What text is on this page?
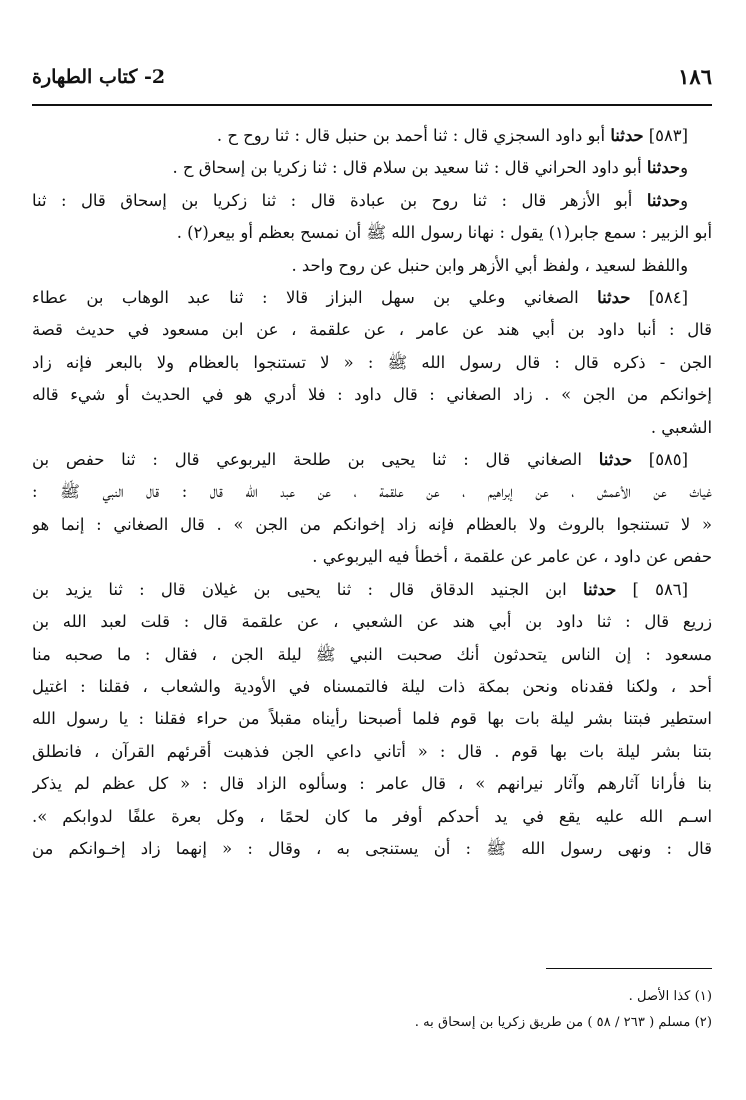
١٨٦
2- كتاب الطهارة

[٥٨٣] حدثنا أبو داود السجزي قال : ثنا أحمد بن حنبل قال : ثنا روح ح .

وحدثنا أبو داود الحراني قال : ثنا سعيد بن سلام قال : ثنا زكريا بن إسحاق ح .

وحدثنا أبو الأزهر قال : ثنا روح بن عبادة قال : ثنا زكريا بن إسحاق قال : ثنا

أبو الزبير : سمع جابر(١) يقول : نهانا رسول الله ﷺ أن نمسح بعظم أو بيعر(٢) .

واللفظ لسعيد ، ولفظ أبي الأزهر وابن حنبل عن روح واحد .

[٥٨٤] حدثنا الصغاني وعلي بن سهل البزاز قالا : ثنا عبد الوهاب بن عطاء

قال : أنبا داود بن أبي هند عن عامر ، عن علقمة ، عن ابن مسعود في حديث قصة

الجن - ذكره قال : قال رسول الله ﷺ : « لا تستنجوا بالعظام ولا بالبعر فإنه زاد

إخوانكم من الجن » . زاد الصغاني : قال داود : فلا أدري هو في الحديث أو شيء قاله

الشعبي .

[٥٨٥] حدثنا الصغاني قال : ثنا يحيى بن طلحة اليربوعي قال : ثنا حفص بن

غياث عن الأعمش ، عن إبراهيم ، عن علقمة ، عن عبد الله قال : قال النبي ﷺ :

« لا تستنجوا بالروث ولا بالعظام فإنه زاد إخوانكم من الجن » . قال الصغاني : إنما هو

حفص عن داود ، عن عامر عن علقمة ، أخطأ فيه اليربوعي .

[٥٨٦ ] حدثنا ابن الجنيد الدقاق قال : ثنا يحيى بن غيلان قال : ثنا يزيد بن

زريع قال : ثنا داود بن أبي هند عن الشعبي ، عن علقمة قال : قلت لعبد الله بن

مسعود : إن الناس يتحدثون أنك صحبت النبي ﷺ ليلة الجن ، فقال : ما صحبه منا

أحد ، ولكنا فقدناه ونحن بمكة ذات ليلة فالتمسناه في الأودية والشعاب ، فقلنا : اغتيل

استطير فبتنا بشر ليلة بات بها قوم فلما أصبحنا رأيناه مقبلاً من حراء فقلنا : يا رسول الله

بتنا بشر ليلة بات بها قوم . قال : « أتاني داعي الجن فذهبت أقرئهم القرآن ، فانطلق

بنا فأرانا آثارهم وآثار نيرانهم » ، قال عامر : وسألوه الزاد قال : « كل عظم لم يذكر

اسـم الله عليه يقع في يد أحدكم أوفر ما كان لحمًا ، وكل بعرة علفًا لدوابكم ».

قال : ونهى رسول الله ﷺ : أن يستنجى به ، وقال : « إنهما زاد إخـوانكم من

(١) كذا الأصل .

(٢) مسلم ( ٢٦٣ / ٥٨ ) من طريق زكريا بن إسحاق به .
